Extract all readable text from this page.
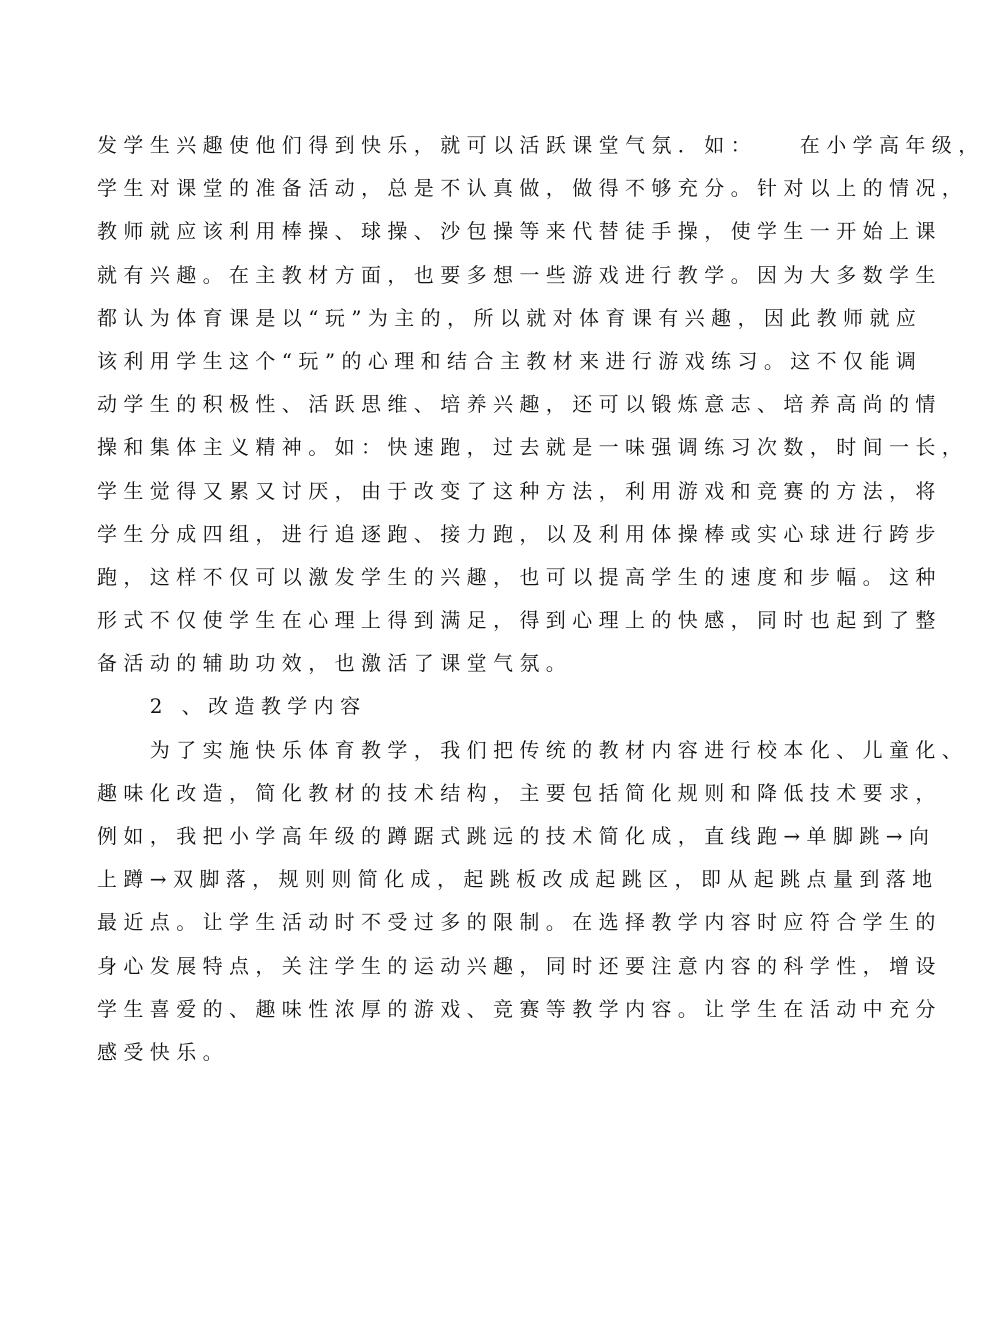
发学生兴趣使他们得到快乐，就可以活跃课堂气氛．如：　　在小学高年级，
学生对课堂的准备活动，总是不认真做，做得不够充分。针对以上的情况，
教师就应该利用棒操、球操、沙包操等来代替徒手操，使学生一开始上课
就有兴趣。在主教材方面，也要多想一些游戏进行教学。因为大多数学生
都认为体育课是以“玩”为主的，所以就对体育课有兴趣，因此教师就应
该利用学生这个“玩”的心理和结合主教材来进行游戏练习。这不仅能调
动学生的积极性、活跃思维、培养兴趣，还可以锻炼意志、培养高尚的情
操和集体主义精神。如：快速跑，过去就是一味强调练习次数，时间一长，
学生觉得又累又讨厌，由于改变了这种方法，利用游戏和竞赛的方法，将
学生分成四组，进行追逐跑、接力跑，以及利用体操棒或实心球进行跨步
跑，这样不仅可以激发学生的兴趣，也可以提高学生的速度和步幅。这种
形式不仅使学生在心理上得到满足，得到心理上的快感，同时也起到了整
备活动的辅助功效，也激活了课堂气氛。
　　2 、改造教学内容
　　为了实施快乐体育教学，我们把传统的教材内容进行校本化、儿童化、
趣味化改造，简化教材的技术结构，主要包括简化规则和降低技术要求，
例如，我把小学高年级的蹲踞式跳远的技术简化成，直线跑→单脚跳→向
上蹲→双脚落，规则则简化成，起跳板改成起跳区，即从起跳点量到落地
最近点。让学生活动时不受过多的限制。在选择教学内容时应符合学生的
身心发展特点，关注学生的运动兴趣，同时还要注意内容的科学性，增设
学生喜爱的、趣味性浓厚的游戏、竞赛等教学内容。让学生在活动中充分
感受快乐。
